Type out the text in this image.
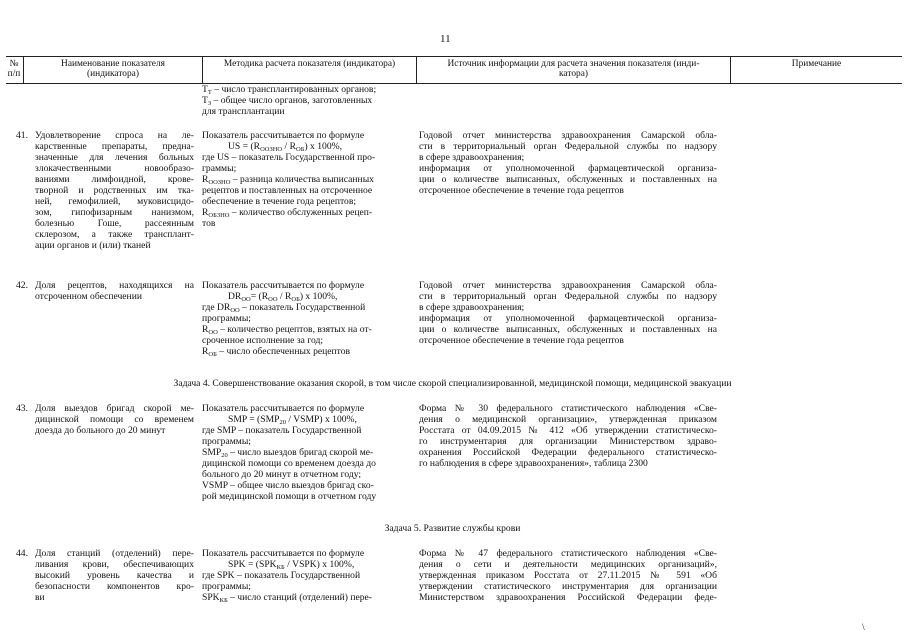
11
№
п/п
Наименование показателя
(индикатора)
Методика расчета показателя (индикатора)	Источник информации для расчета значения показателя (инди-
катора)
Примечание
$Т_Т$ – число трансплантированных органов;
$Т_З$ – общее число органов, заготовленных
для трансплантации
41. Удовлетворение спроса на ле-
карственные препараты, предна-
значенные для лечения больных
злокачественными новообразо-
ваниями лимфоидной, крове-
творной и родственных им тка-
ней, гемофилией, муковисцидо-
зом, гипофизарным нанизмом,
болезнью Гоше, рассеянным
склерозом, а также трансплант-
ации органов и (или) тканей
Показатель рассчитывается по формуле
US = $(R_{ООЗНО} / R_{ОБ})$ x 100%,
где US – показатель Государственной про-
граммы;
$R_{ООЗНО}$ – разница количества выписанных
рецептов и поставленных на отсроченное
обеспечение в течение года рецептов;
$R_{ОБЗНО}$ – количество обслуженных рецеп-
тов
Годовой отчет министерства здравоохранения Самарской обла-
сти в территориальный орган Федеральной службы по надзору
в сфере здравоохранения;
информация от уполномоченной фармацевтической организа-
ции о количестве выписанных, обслуженных и поставленных на
отсроченное обеспечение в течение года рецептов
42. Доля рецептов, находящихся на
отсроченном обеспечении
Показатель рассчитывается по формуле
$DR_{ОО}= (R_{ОО} / R_{ОБ})$ x 100%,
где $DR_{ОО}$ – показатель Государственной
программы;
$R_{ОО}$ – количество рецептов, взятых на от-
сроченное исполнение за год;
$R_{ОБ}$ – число обеспеченных рецептов
Годовой отчет министерства здравоохранения Самарской обла-
сти в территориальный орган Федеральной службы по надзору
в сфере здравоохранения;
информация от уполномоченной фармацевтической организа-
ции о количестве выписанных, обслуженных и поставленных на
отсроченное обеспечение в течение года рецептов
Задача 4. Совершенствование оказания скорой, в том числе скорой специализированной, медицинской помощи, медицинской эвакуации
43. Доля выездов бригад скорой ме-
дицинской помощи со временем
доезда до больного до 20 минут
Показатель рассчитывается по формуле
SMP = ($SMP_{20}$ / VSMP) x 100%,
где SMP – показатель Государственной
программы;
$SMP_{20}$ – число выездов бригад скорой ме-
дицинской помощи со временем доезда до
больного до 20 минут в отчетном году;
VSMP – общее число выездов бригад ско-
рой медицинской помощи в отчетном году
Форма № 30 федерального статистического наблюдения «Све-
дения о медицинской организации», утвержденная приказом
Росстата от 04.09.2015 № 412 «Об утверждении статистическо-
го инструментария для организации Министерством здраво-
охранения Российской Федерации федерального статистическо-
го наблюдения в сфере здравоохранения», таблица 2300
Задача 5. Развитие службы крови
44. Доля станций (отделений) пере-
ливания крови, обеспечивающих
высокий уровень качества и
безопасности компонентов кро-
ви
Показатель рассчитывается по формуле
SPK = ($SPK_{КБ}$ / VSPK) x 100%,
где SPK – показатель Государственной
программы;
$SPK_{КБ}$ – число станций (отделений) пере-
Форма № 47 федерального статистического наблюдения «Све-
дения о сети и деятельности медицинских организаций»,
утвержденная приказом Росстата от 27.11.2015 № 591 «Об
утверждении статистического инструментария для организации
Министерством здравоохранения Российской Федерации феде-
\
